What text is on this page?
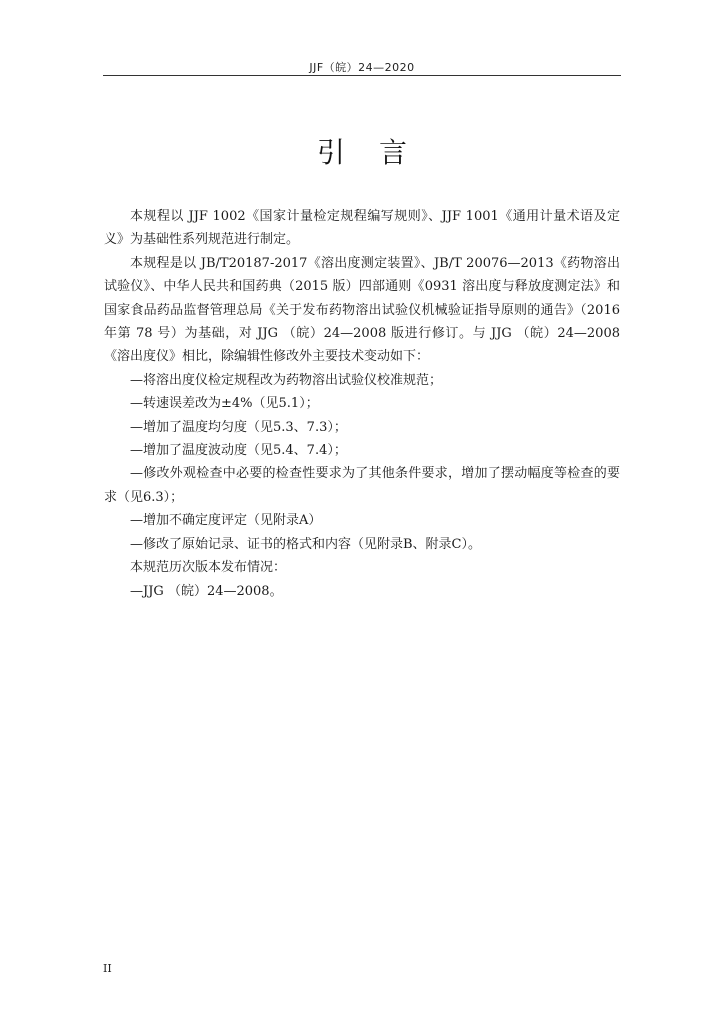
JJF（皖）24—2020
引言

本规程以 JJF 1002《国家计量检定规程编写规则》、JJF 1001《通用计量术语及定义》为基础性系列规范进行制定。

本规程是以 JB/T20187-2017《溶出度测定装置》、JB/T 20076—2013《药物溶出试验仪》、中华人民共和国药典（2015 版）四部通则《0931 溶出度与释放度测定法》和国家食品药品监督管理总局《关于发布药物溶出试验仪机械验证指导原则的通告》（2016 年第 78 号）为基础，对 JJG （皖）24—2008 版进行修订。与 JJG （皖）24—2008《溶出度仪》相比，除编辑性修改外主要技术变动如下：

—将溶出度仪检定规程改为药物溶出试验仪校准规范；

—转速误差改为±4%（见5.1）；

—增加了温度均匀度（见5.3、7.3）；

—增加了温度波动度（见5.4、7.4）；

—修改外观检查中必要的检查性要求为了其他条件要求，增加了摆动幅度等检查的要求（见6.3）；

—增加不确定度评定（见附录A）

—修改了原始记录、证书的格式和内容（见附录B、附录C）。

本规范历次版本发布情况：

—JJG （皖）24—2008。

II
